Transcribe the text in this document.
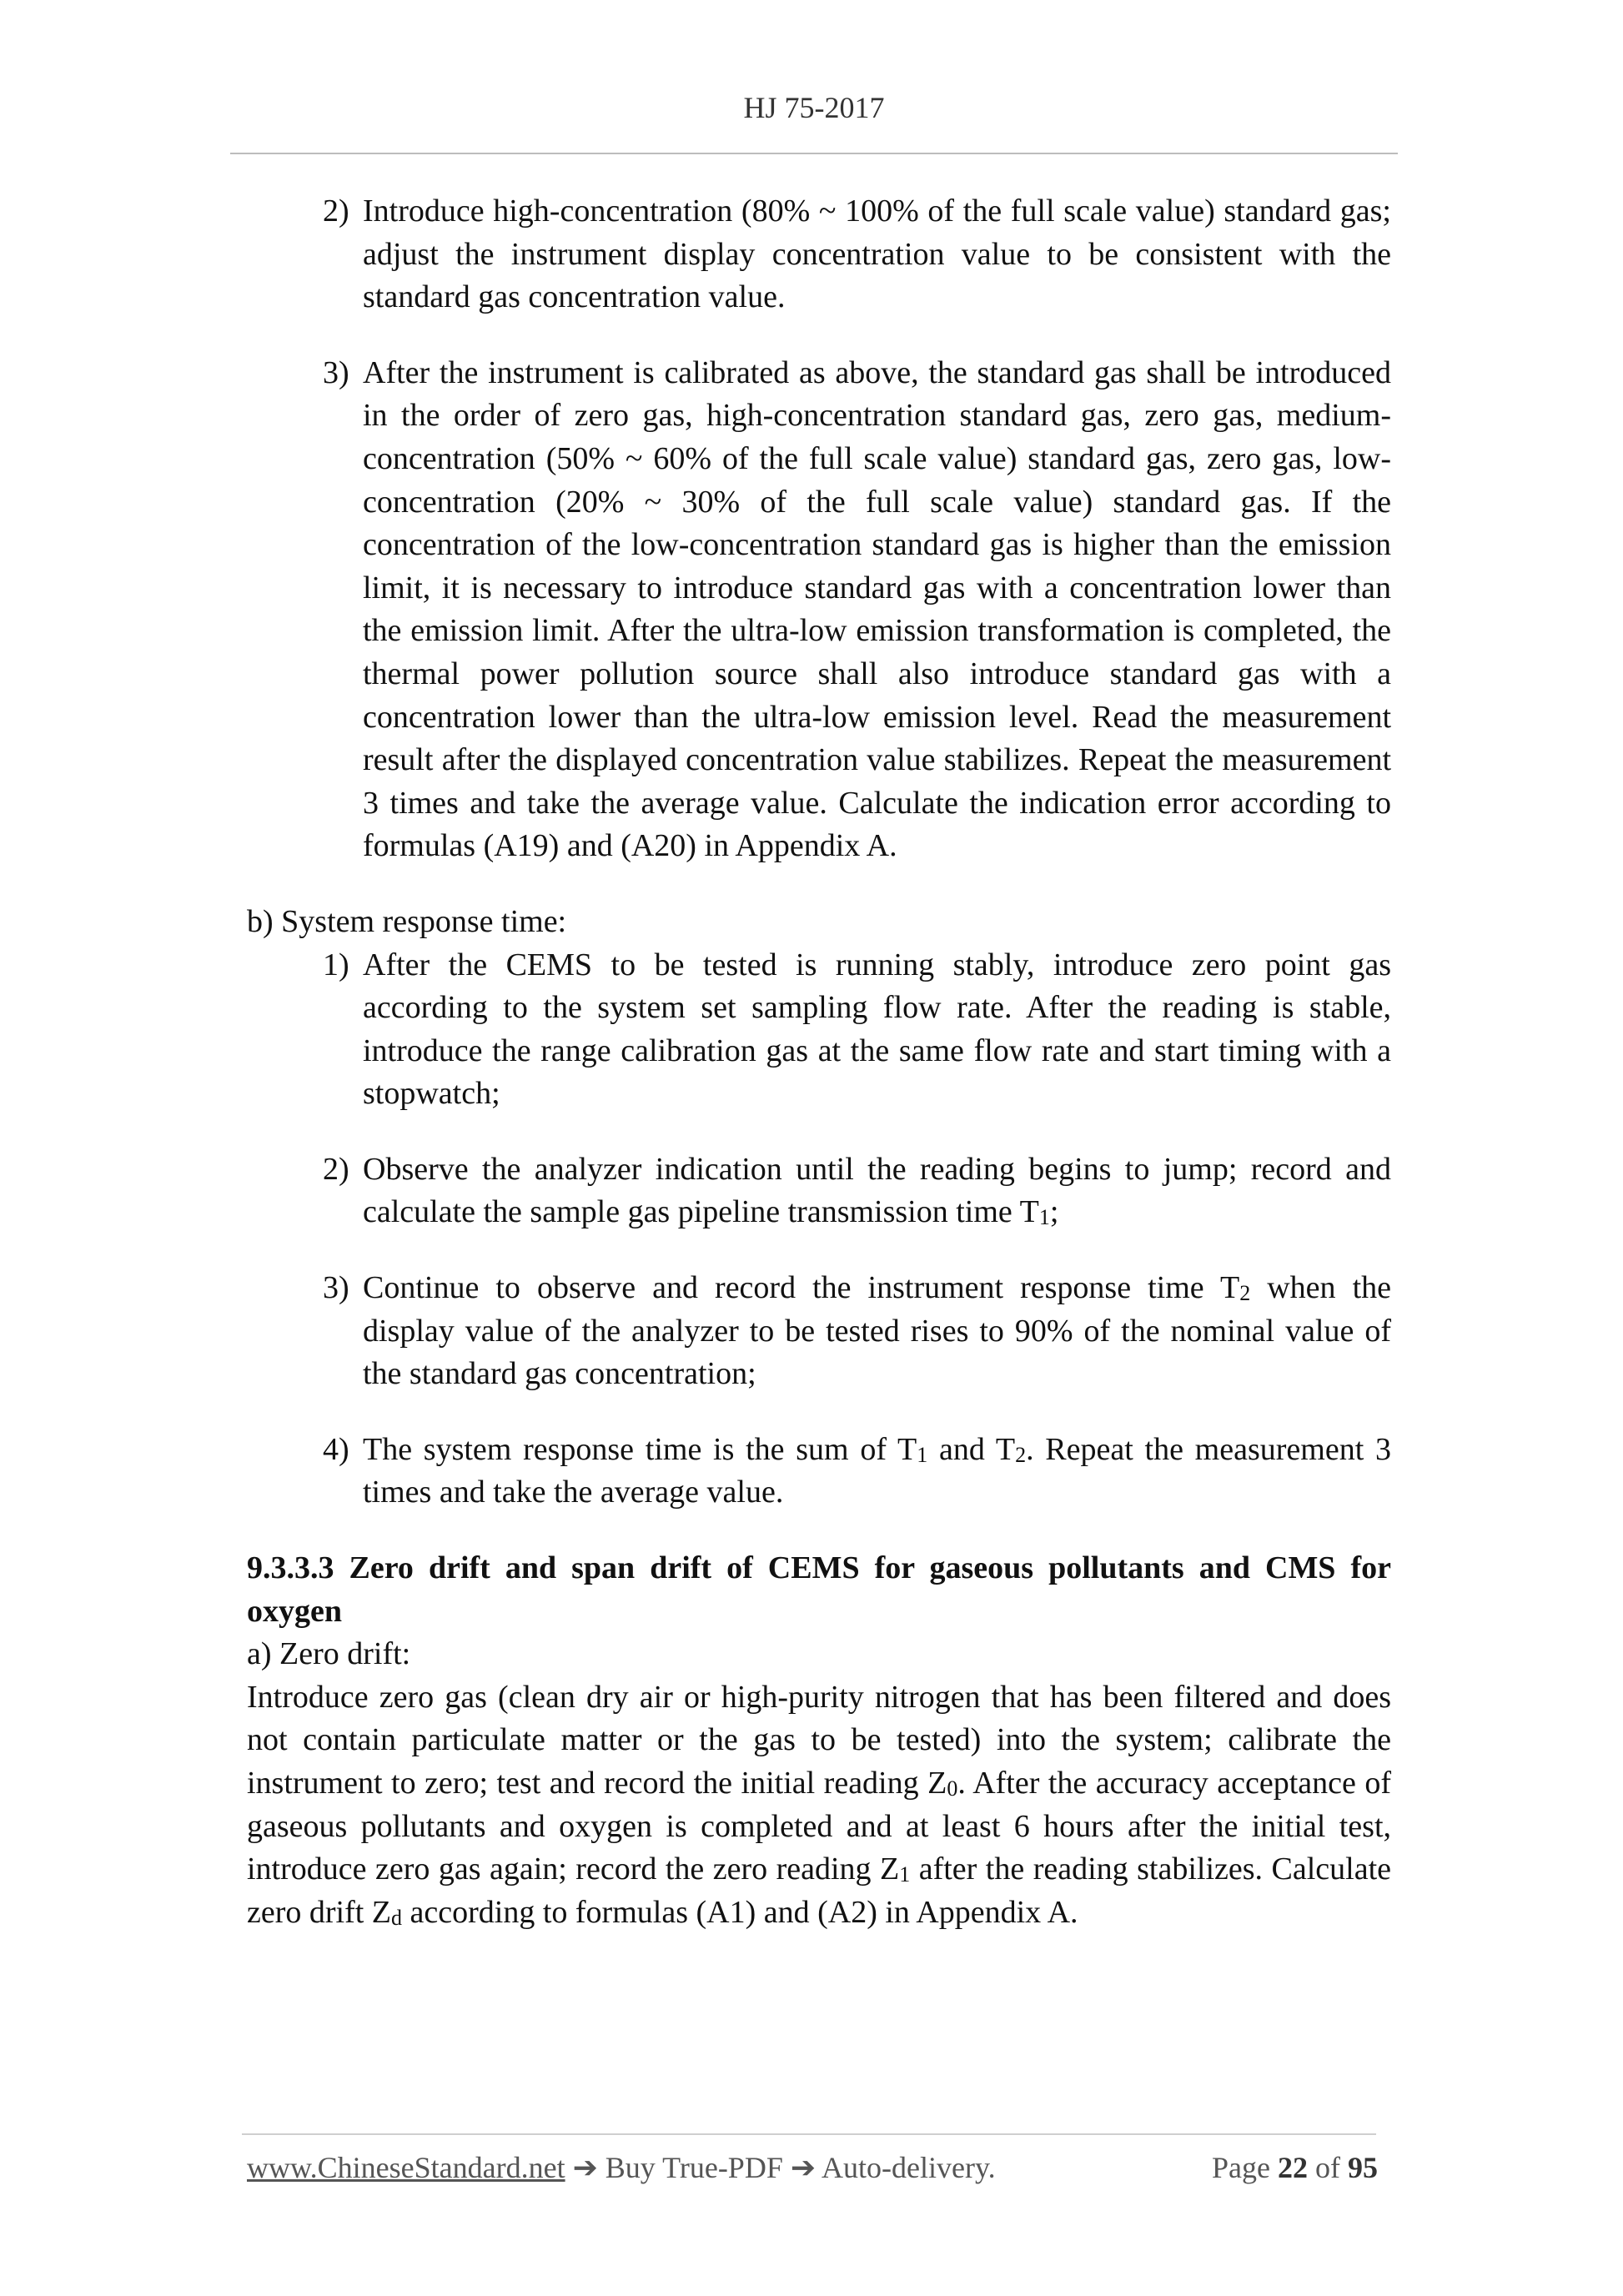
HJ 75-2017
2) Introduce high-concentration (80% ~ 100% of the full scale value) standard gas; adjust the instrument display concentration value to be consistent with the standard gas concentration value.

3) After the instrument is calibrated as above, the standard gas shall be introduced in the order of zero gas, high-concentration standard gas, zero gas, medium-concentration (50% ~ 60% of the full scale value) standard gas, zero gas, low-concentration (20% ~ 30% of the full scale value) standard gas. If the concentration of the low-concentration standard gas is higher than the emission limit, it is necessary to introduce standard gas with a concentration lower than the emission limit. After the ultra-low emission transformation is completed, the thermal power pollution source shall also introduce standard gas with a concentration lower than the ultra-low emission level. Read the measurement result after the displayed concentration value stabilizes. Repeat the measurement 3 times and take the average value. Calculate the indication error according to formulas (A19) and (A20) in Appendix A.

b) System response time:

1) After the CEMS to be tested is running stably, introduce zero point gas according to the system set sampling flow rate. After the reading is stable, introduce the range calibration gas at the same flow rate and start timing with a stopwatch;

2) Observe the analyzer indication until the reading begins to jump; record and calculate the sample gas pipeline transmission time $T_1$;

3) Continue to observe and record the instrument response time $T_2$ when the display value of the analyzer to be tested rises to 90% of the nominal value of the standard gas concentration;

4) The system response time is the sum of $T_1$ and $T_2$. Repeat the measurement 3 times and take the average value.

9.3.3.3 Zero drift and span drift of CEMS for gaseous pollutants and CMS for oxygen

a) Zero drift:

Introduce zero gas (clean dry air or high-purity nitrogen that has been filtered and does not contain particulate matter or the gas to be tested) into the system; calibrate the instrument to zero; test and record the initial reading $Z_0$. After the accuracy acceptance of gaseous pollutants and oxygen is completed and at least 6 hours after the initial test, introduce zero gas again; record the zero reading $Z_1$ after the reading stabilizes. Calculate zero drift $Z_d$ according to formulas (A1) and (A2) in Appendix A.

www.ChineseStandard.net ➔ Buy True-PDF ➔ Auto-delivery.	Page 22 of 95
